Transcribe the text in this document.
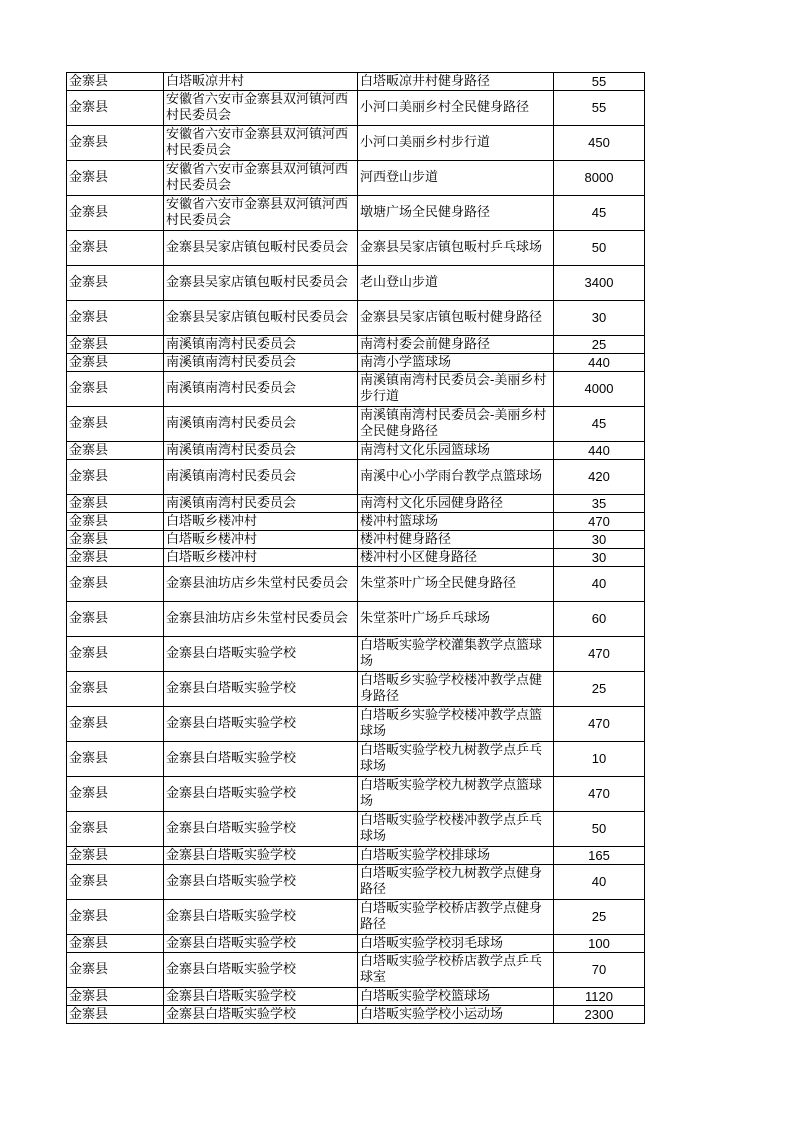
金寨县	白塔畈凉井村	白塔畈凉井村健身路径	55
金寨县	安徽省六安市金寨县双河镇河西村民委员会	小河口美丽乡村全民健身路径	55
金寨县	安徽省六安市金寨县双河镇河西村民委员会	小河口美丽乡村步行道	450
金寨县	安徽省六安市金寨县双河镇河西村民委员会	河西登山步道	8000
金寨县	安徽省六安市金寨县双河镇河西村民委员会	墩塘广场全民健身路径	45
金寨县	金寨县吴家店镇包畈村民委员会	金寨县吴家店镇包畈村乒乓球场	50
金寨县	金寨县吴家店镇包畈村民委员会	老山登山步道	3400
金寨县	金寨县吴家店镇包畈村民委员会	金寨县吴家店镇包畈村健身路径	30
金寨县	南溪镇南湾村民委员会	南湾村委会前健身路径	25
金寨县	南溪镇南湾村民委员会	南湾小学篮球场	440
金寨县	南溪镇南湾村民委员会	南溪镇南湾村民委员会-美丽乡村步行道	4000
金寨县	南溪镇南湾村民委员会	南溪镇南湾村民委员会-美丽乡村全民健身路径	45
金寨县	南溪镇南湾村民委员会	南湾村文化乐园篮球场	440
金寨县	南溪镇南湾村民委员会	南溪中心小学雨台教学点篮球场	420
金寨县	南溪镇南湾村民委员会	南湾村文化乐园健身路径	35
金寨县	白塔畈乡楼冲村	楼冲村篮球场	470
金寨县	白塔畈乡楼冲村	楼冲村健身路径	30
金寨县	白塔畈乡楼冲村	楼冲村小区健身路径	30
金寨县	金寨县油坊店乡朱堂村民委员会	朱堂茶叶广场全民健身路径	40
金寨县	金寨县油坊店乡朱堂村民委员会	朱堂茶叶广场乒乓球场	60
金寨县	金寨县白塔畈实验学校	白塔畈实验学校灌集教学点篮球场	470
金寨县	金寨县白塔畈实验学校	白塔畈乡实验学校楼冲教学点健身路径	25
金寨县	金寨县白塔畈实验学校	白塔畈乡实验学校楼冲教学点篮球场	470
金寨县	金寨县白塔畈实验学校	白塔畈实验学校九树教学点乒乓球场	10
金寨县	金寨县白塔畈实验学校	白塔畈实验学校九树教学点篮球场	470
金寨县	金寨县白塔畈实验学校	白塔畈实验学校楼冲教学点乒乓球场	50
金寨县	金寨县白塔畈实验学校	白塔畈实验学校排球场	165
金寨县	金寨县白塔畈实验学校	白塔畈实验学校九树教学点健身路径	40
金寨县	金寨县白塔畈实验学校	白塔畈实验学校桥店教学点健身路径	25
金寨县	金寨县白塔畈实验学校	白塔畈实验学校羽毛球场	100
金寨县	金寨县白塔畈实验学校	白塔畈实验学校桥店教学点乒乓球室	70
金寨县	金寨县白塔畈实验学校	白塔畈实验学校篮球场	1120
金寨县	金寨县白塔畈实验学校	白塔畈实验学校小运动场	2300
